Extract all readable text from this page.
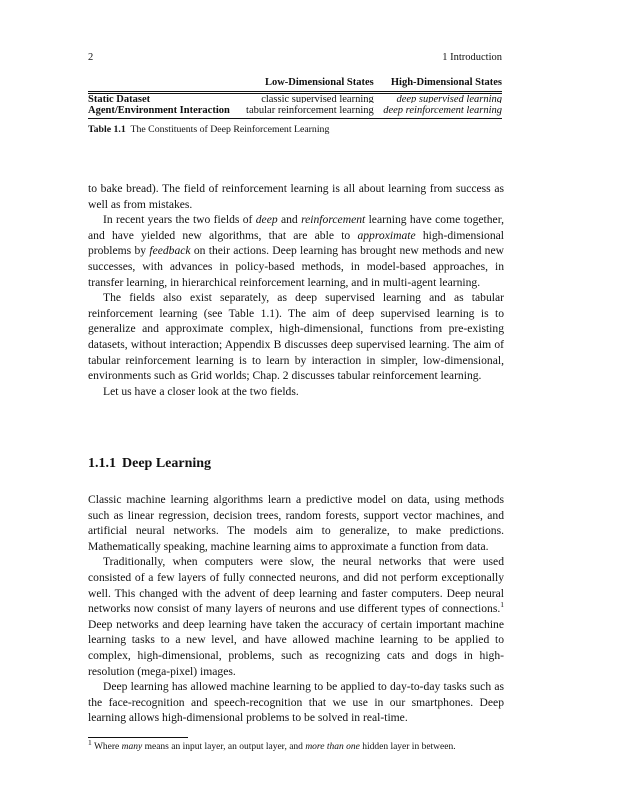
2	1 Introduction
	Low-Dimensional States	High-Dimensional States

Static Dataset	classic supervised learning	deep supervised learning

Agent/Environment Interaction	tabular reinforcement learning	deep reinforcement learning
Table 1.1 The Constituents of Deep Reinforcement Learning

to bake bread). The field of reinforcement learning is all about learning from success as well as from mistakes.

In recent years the two fields of deep and reinforcement learning have come together, and have yielded new algorithms, that are able to approximate high-dimensional problems by feedback on their actions. Deep learning has brought new methods and new successes, with advances in policy-based methods, in model-based approaches, in transfer learning, in hierarchical reinforcement learning, and in multi-agent learning.

The fields also exist separately, as deep supervised learning and as tabular reinforcement learning (see Table 1.1). The aim of deep supervised learning is to generalize and approximate complex, high-dimensional, functions from pre-existing datasets, without interaction; Appendix B discusses deep supervised learning. The aim of tabular reinforcement learning is to learn by interaction in simpler, low-dimensional, environments such as Grid worlds; Chap. 2 discusses tabular reinforcement learning.

Let us have a closer look at the two fields.

1.1.1 Deep Learning

Classic machine learning algorithms learn a predictive model on data, using methods such as linear regression, decision trees, random forests, support vector machines, and artificial neural networks. The models aim to generalize, to make predictions. Mathematically speaking, machine learning aims to approximate a function from data.

Traditionally, when computers were slow, the neural networks that were used consisted of a few layers of fully connected neurons, and did not perform exceptionally well. This changed with the advent of deep learning and faster computers. Deep neural networks now consist of many layers of neurons and use different types of connections.$^1$ Deep networks and deep learning have taken the accuracy of certain important machine learning tasks to a new level, and have allowed machine learning to be applied to complex, high-dimensional, problems, such as recognizing cats and dogs in high-resolution (mega-pixel) images.

Deep learning has allowed machine learning to be applied to day-to-day tasks such as the face-recognition and speech-recognition that we use in our smartphones. Deep learning allows high-dimensional problems to be solved in real-time.

$^1$ Where many means an input layer, an output layer, and more than one hidden layer in between.
